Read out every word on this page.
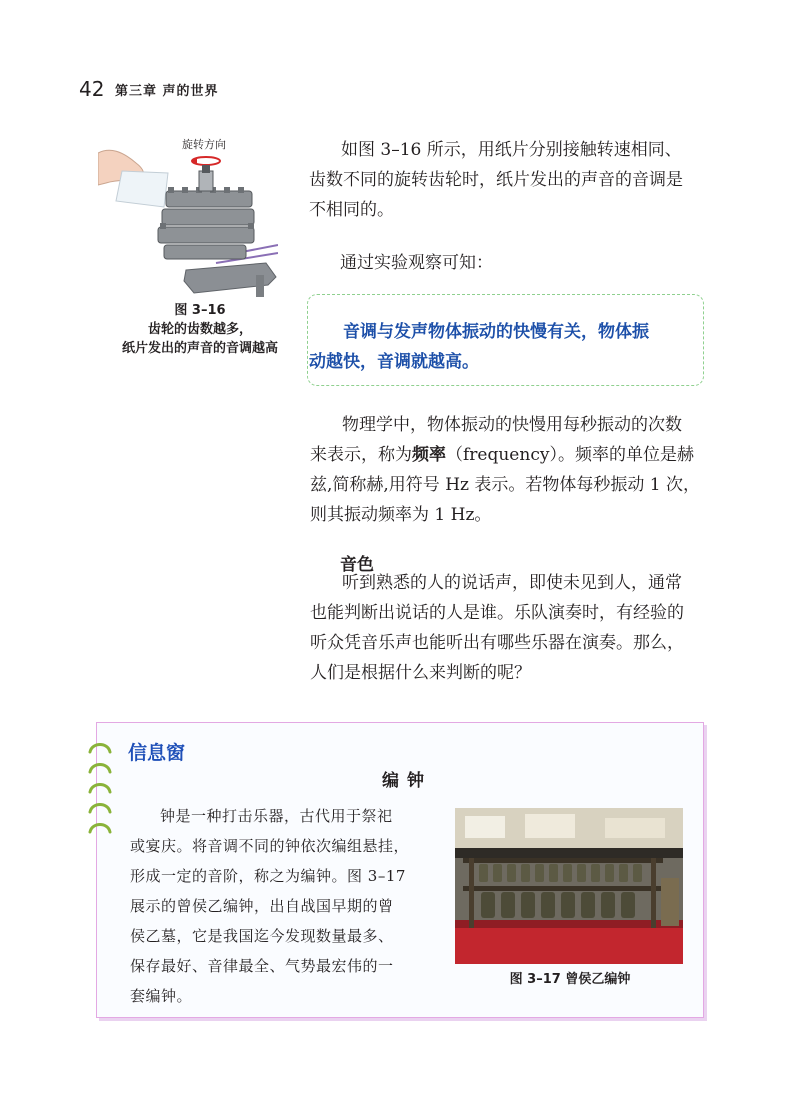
42 第三章 声的世界
旋转方向
图 3–16
齿轮的齿数越多，
纸片发出的声音的音调越高
如图 3–16 所示，用纸片分别接触转速相同、
齿数不同的旋转齿轮时，纸片发出的声音的音调是
不相同的。
通过实验观察可知：
音调与发声物体振动的快慢有关，物体振
动越快，音调就越高。
物理学中，物体振动的快慢用每秒振动的次数
来表示，称为频率（frequency）。频率的单位是赫
兹,简称赫,用符号 Hz 表示。若物体每秒振动 1 次，
则其振动频率为 1 Hz。
音色
听到熟悉的人的说话声，即使未见到人，通常
也能判断出说话的人是谁。乐队演奏时，有经验的
听众凭音乐声也能听出有哪些乐器在演奏。那么，
人们是根据什么来判断的呢？
信息窗
编钟
钟是一种打击乐器，古代用于祭祀
或宴庆。将音调不同的钟依次编组悬挂，
形成一定的音阶，称之为编钟。图 3–17
展示的曾侯乙编钟，出自战国早期的曾
侯乙墓，它是我国迄今发现数量最多、
保存最好、音律最全、气势最宏伟的一
套编钟。
图 3–17 曾侯乙编钟
